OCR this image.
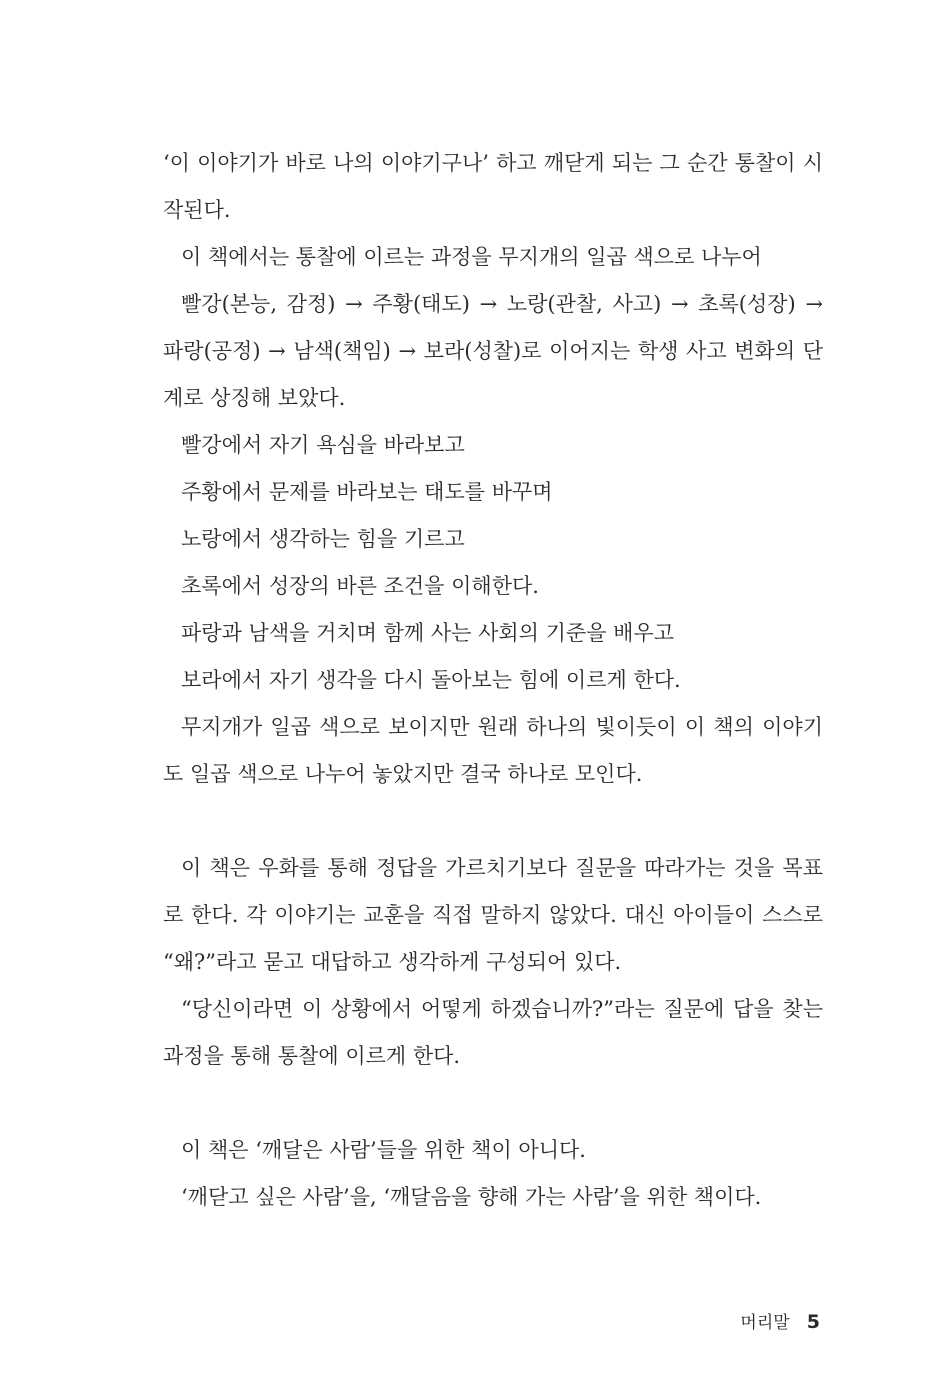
‘이 이야기가 바로 나의 이야기구나’ 하고 깨닫게 되는 그 순간 통찰이 시
작된다.
이 책에서는 통찰에 이르는 과정을 무지개의 일곱 색으로 나누어
빨강(본능, 감정) → 주황(태도) → 노랑(관찰, 사고) → 초록(성장) →
파랑(공정) → 남색(책임) → 보라(성찰)로 이어지는 학생 사고 변화의 단
계로 상징해 보았다.
빨강에서 자기 욕심을 바라보고
주황에서 문제를 바라보는 태도를 바꾸며
노랑에서 생각하는 힘을 기르고
초록에서 성장의 바른 조건을 이해한다.
파랑과 남색을 거치며 함께 사는 사회의 기준을 배우고
보라에서 자기 생각을 다시 돌아보는 힘에 이르게 한다.
무지개가 일곱 색으로 보이지만 원래 하나의 빛이듯이 이 책의 이야기
도 일곱 색으로 나누어 놓았지만 결국 하나로 모인다.
이 책은 우화를 통해 정답을 가르치기보다 질문을 따라가는 것을 목표
로 한다. 각 이야기는 교훈을 직접 말하지 않았다. 대신 아이들이 스스로
“왜?”라고 묻고 대답하고 생각하게 구성되어 있다.
“당신이라면 이 상황에서 어떻게 하겠습니까?”라는 질문에 답을 찾는
과정을 통해 통찰에 이르게 한다.
이 책은 ‘깨달은 사람’들을 위한 책이 아니다.
‘깨닫고 싶은 사람’을, ‘깨달음을 향해 가는 사람’을 위한 책이다.
머리말 5
